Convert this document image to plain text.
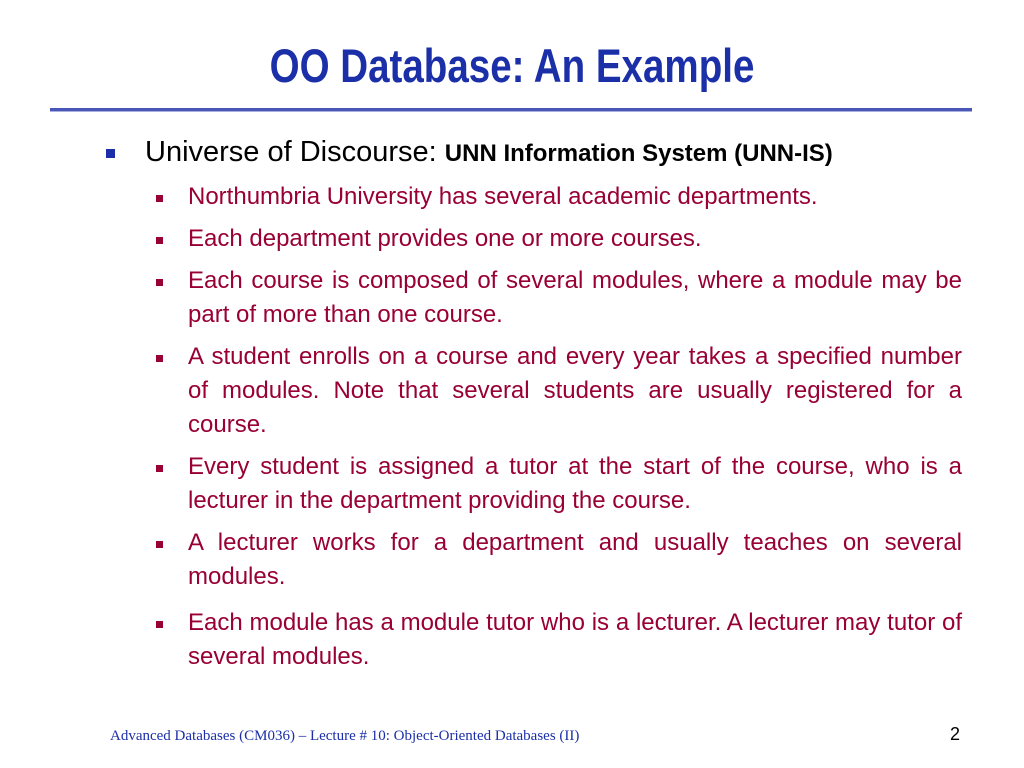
OO Database: An Example
Universe of Discourse: UNN Information System (UNN-IS)
Northumbria University has several academic departments.
Each department provides one or more courses.
Each course is composed of several modules, where a module may be part of more than one course.
A student enrolls on a course and every year takes a specified number of modules. Note that several students are usually registered for a course.
Every student is assigned a tutor at the start of the course, who is a lecturer in the department providing the course.
A lecturer works for a department and usually teaches on several modules.
Each module has a module tutor who is a lecturer. A lecturer may tutor of several modules.
Advanced Databases (CM036) – Lecture # 10: Object-Oriented Databases (II)	2
